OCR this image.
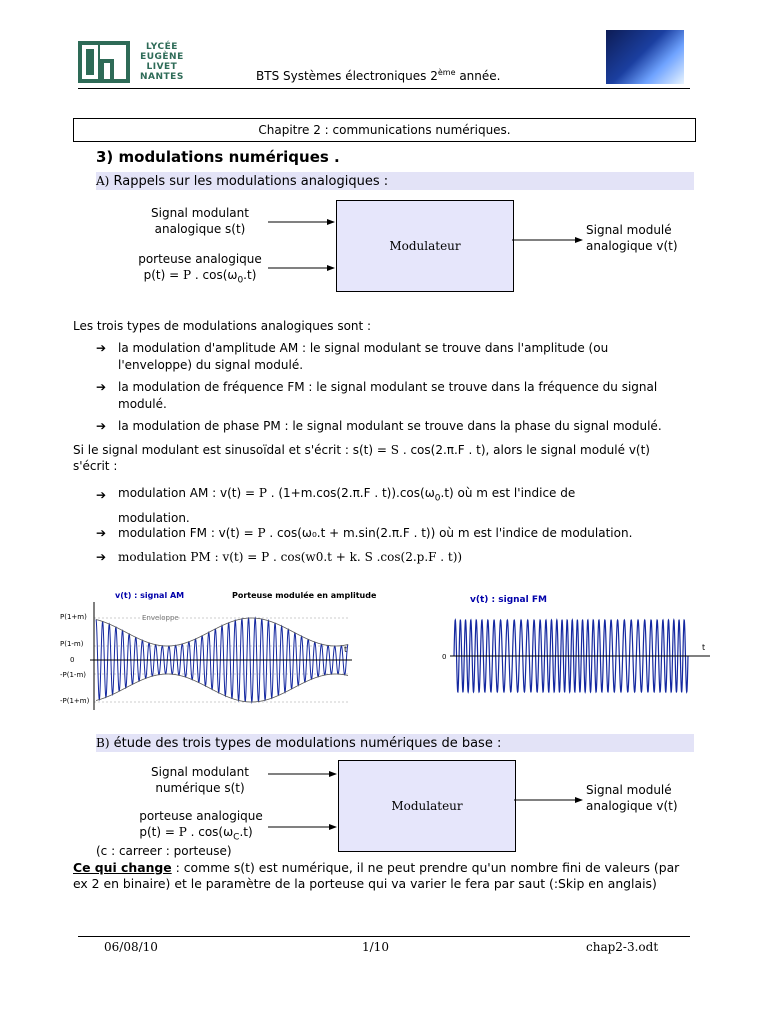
LYCÉE
EUGÈNE
LIVET
NANTES	BTS Systèmes électroniques 2ème année.
Chapitre 2 : communications numériques.
3) modulations numériques .
A) Rappels sur les modulations analogiques :
Signal modulant
analogique s(t)
porteuse analogique
p(t) = P . $\cos(\omega_0.t)$
Modulateur
Signal modulé
analogique v(t)
Les trois types de modulations analogiques sont :
➔ la modulation d'amplitude AM : le signal modulant se trouve dans l'amplitude (ou
l'enveloppe) du signal modulé.
➔ la modulation de fréquence FM : le signal modulant se trouve dans la fréquence du signal
modulé.
➔ la modulation de phase PM : le signal modulant se trouve dans la phase du signal modulé.
Si le signal modulant est sinusoïdal et s'écrit : s(t) = S . cos(2.π.F . t), alors le signal modulé v(t)
s'écrit :
➔ modulation AM : v(t) = P . (1+m.cos(2.π.F . $t)).\cos(\omega_0.t)$ où m est l'indice de
modulation.
➔ modulation FM : v(t) = P . cos(ω₀.t + m.sin(2.π.F . t)) où m est l'indice de modulation.
➔ modulation PM : v(t) = P . cos(w0.t + k. S .cos(2.p.F . t))
v(t) : signal AM	Porteuse modulée en amplitude
Enveloppe
P(1+m)
P(1-m)
0
-P(1-m)
-P(1+m)
t
v(t) : signal FM
0
t
B) étude des trois types de modulations numériques de base :
Signal modulant
numérique s(t)
porteuse analogique
p(t) = P . $\cos(\omega_C.t)$
(c : carreer : porteuse)
Modulateur
Signal modulé
analogique v(t)
Ce qui change : comme s(t) est numérique, il ne peut prendre qu'un nombre fini de valeurs (par
ex 2 en binaire) et le paramètre de la porteuse qui va varier le fera par saut (:Skip en anglais)
06/08/10	1/10	chap2-3.odt
